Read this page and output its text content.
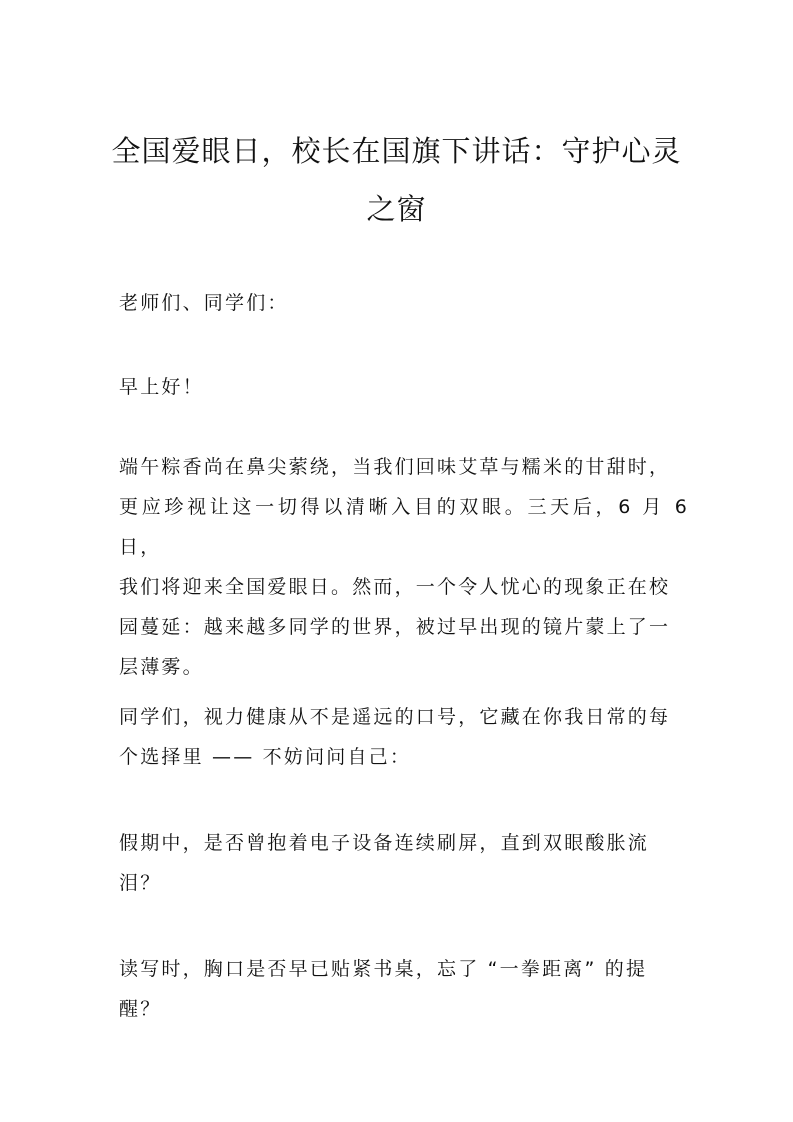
全国爱眼日，校长在国旗下讲话：守护心灵
之窗
老师们、同学们：
早上好！
端午粽香尚在鼻尖萦绕，当我们回味艾草与糯米的甘甜时，
更应珍视让这一切得以清晰入目的双眼。三天后，6 月 6 日，
我们将迎来全国爱眼日。然而，一个令人忧心的现象正在校
园蔓延：越来越多同学的世界，被过早出现的镜片蒙上了一
层薄雾。
同学们，视力健康从不是遥远的口号，它藏在你我日常的每
个选择里 —— 不妨问问自己：
假期中，是否曾抱着电子设备连续刷屏，直到双眼酸胀流
泪？
读写时，胸口是否早已贴紧书桌，忘了 “一拳距离” 的提
醒？
